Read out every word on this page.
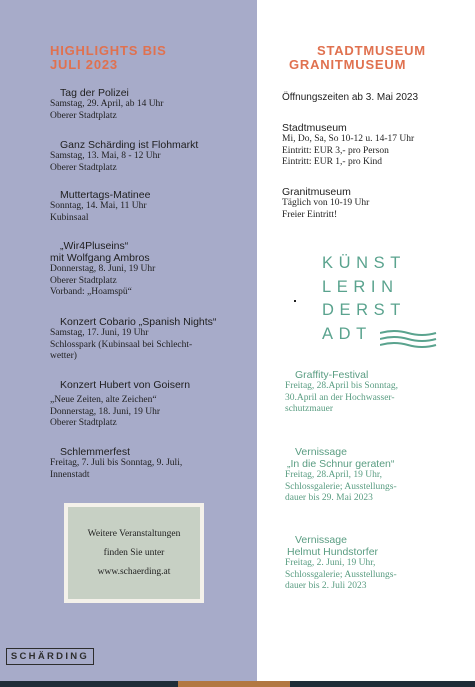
HIGHLIGHTS BIS
JULI 2023
Tag der Polizei
Samstag, 29. April, ab 14 Uhr
Oberer Stadtplatz
Ganz Schärding ist Flohmarkt
Samstag, 13. Mai, 8 - 12 Uhr
Oberer Stadtplatz
Muttertags-Matinee
Sonntag, 14. Mai, 11 Uhr
Kubinsaal
„Wir4Pluseins“
mit Wolfgang Ambros
Donnerstag, 8. Juni, 19 Uhr
Oberer Stadtplatz
Vorband: „Hoamspü“
Konzert Cobario „Spanish Nights“
Samstag, 17. Juni, 19 Uhr
Schlosspark (Kubinsaal bei Schlecht-
wetter)
Konzert Hubert von Goisern
„Neue Zeiten, alte Zeichen“
Donnerstag, 18. Juni, 19 Uhr
Oberer Stadtplatz
Schlemmerfest
Freitag, 7. Juli bis Sonntag, 9. Juli,
Innenstadt
Weitere Veranstaltungen
finden Sie unter
www.schaerding.at
SCHÄRDING
STADTMUSEUM
GRANITMUSEUM
Öffnungszeiten ab 3. Mai 2023
Stadtmuseum
Mi, Do, Sa, So 10-12 u. 14-17 Uhr
Eintritt: EUR 3,- pro Person
Eintritt: EUR 1,- pro Kind
Granitmuseum
Täglich von 10-19 Uhr
Freier Eintritt!
KÜNST
LERIN
DERST
ADT
Graffity-Festival
Freitag, 28.April bis Sonntag,
30.April an der Hochwasser-
schutzmauer
Vernissage
„In die Schnur geraten“
Freitag, 28.April, 19 Uhr,
Schlossgalerie; Ausstellungs-
dauer bis 29. Mai 2023
Vernissage
Helmut Hundstorfer
Freitag, 2. Juni, 19 Uhr,
Schlossgalerie; Ausstellungs-
dauer bis 2. Juli 2023
